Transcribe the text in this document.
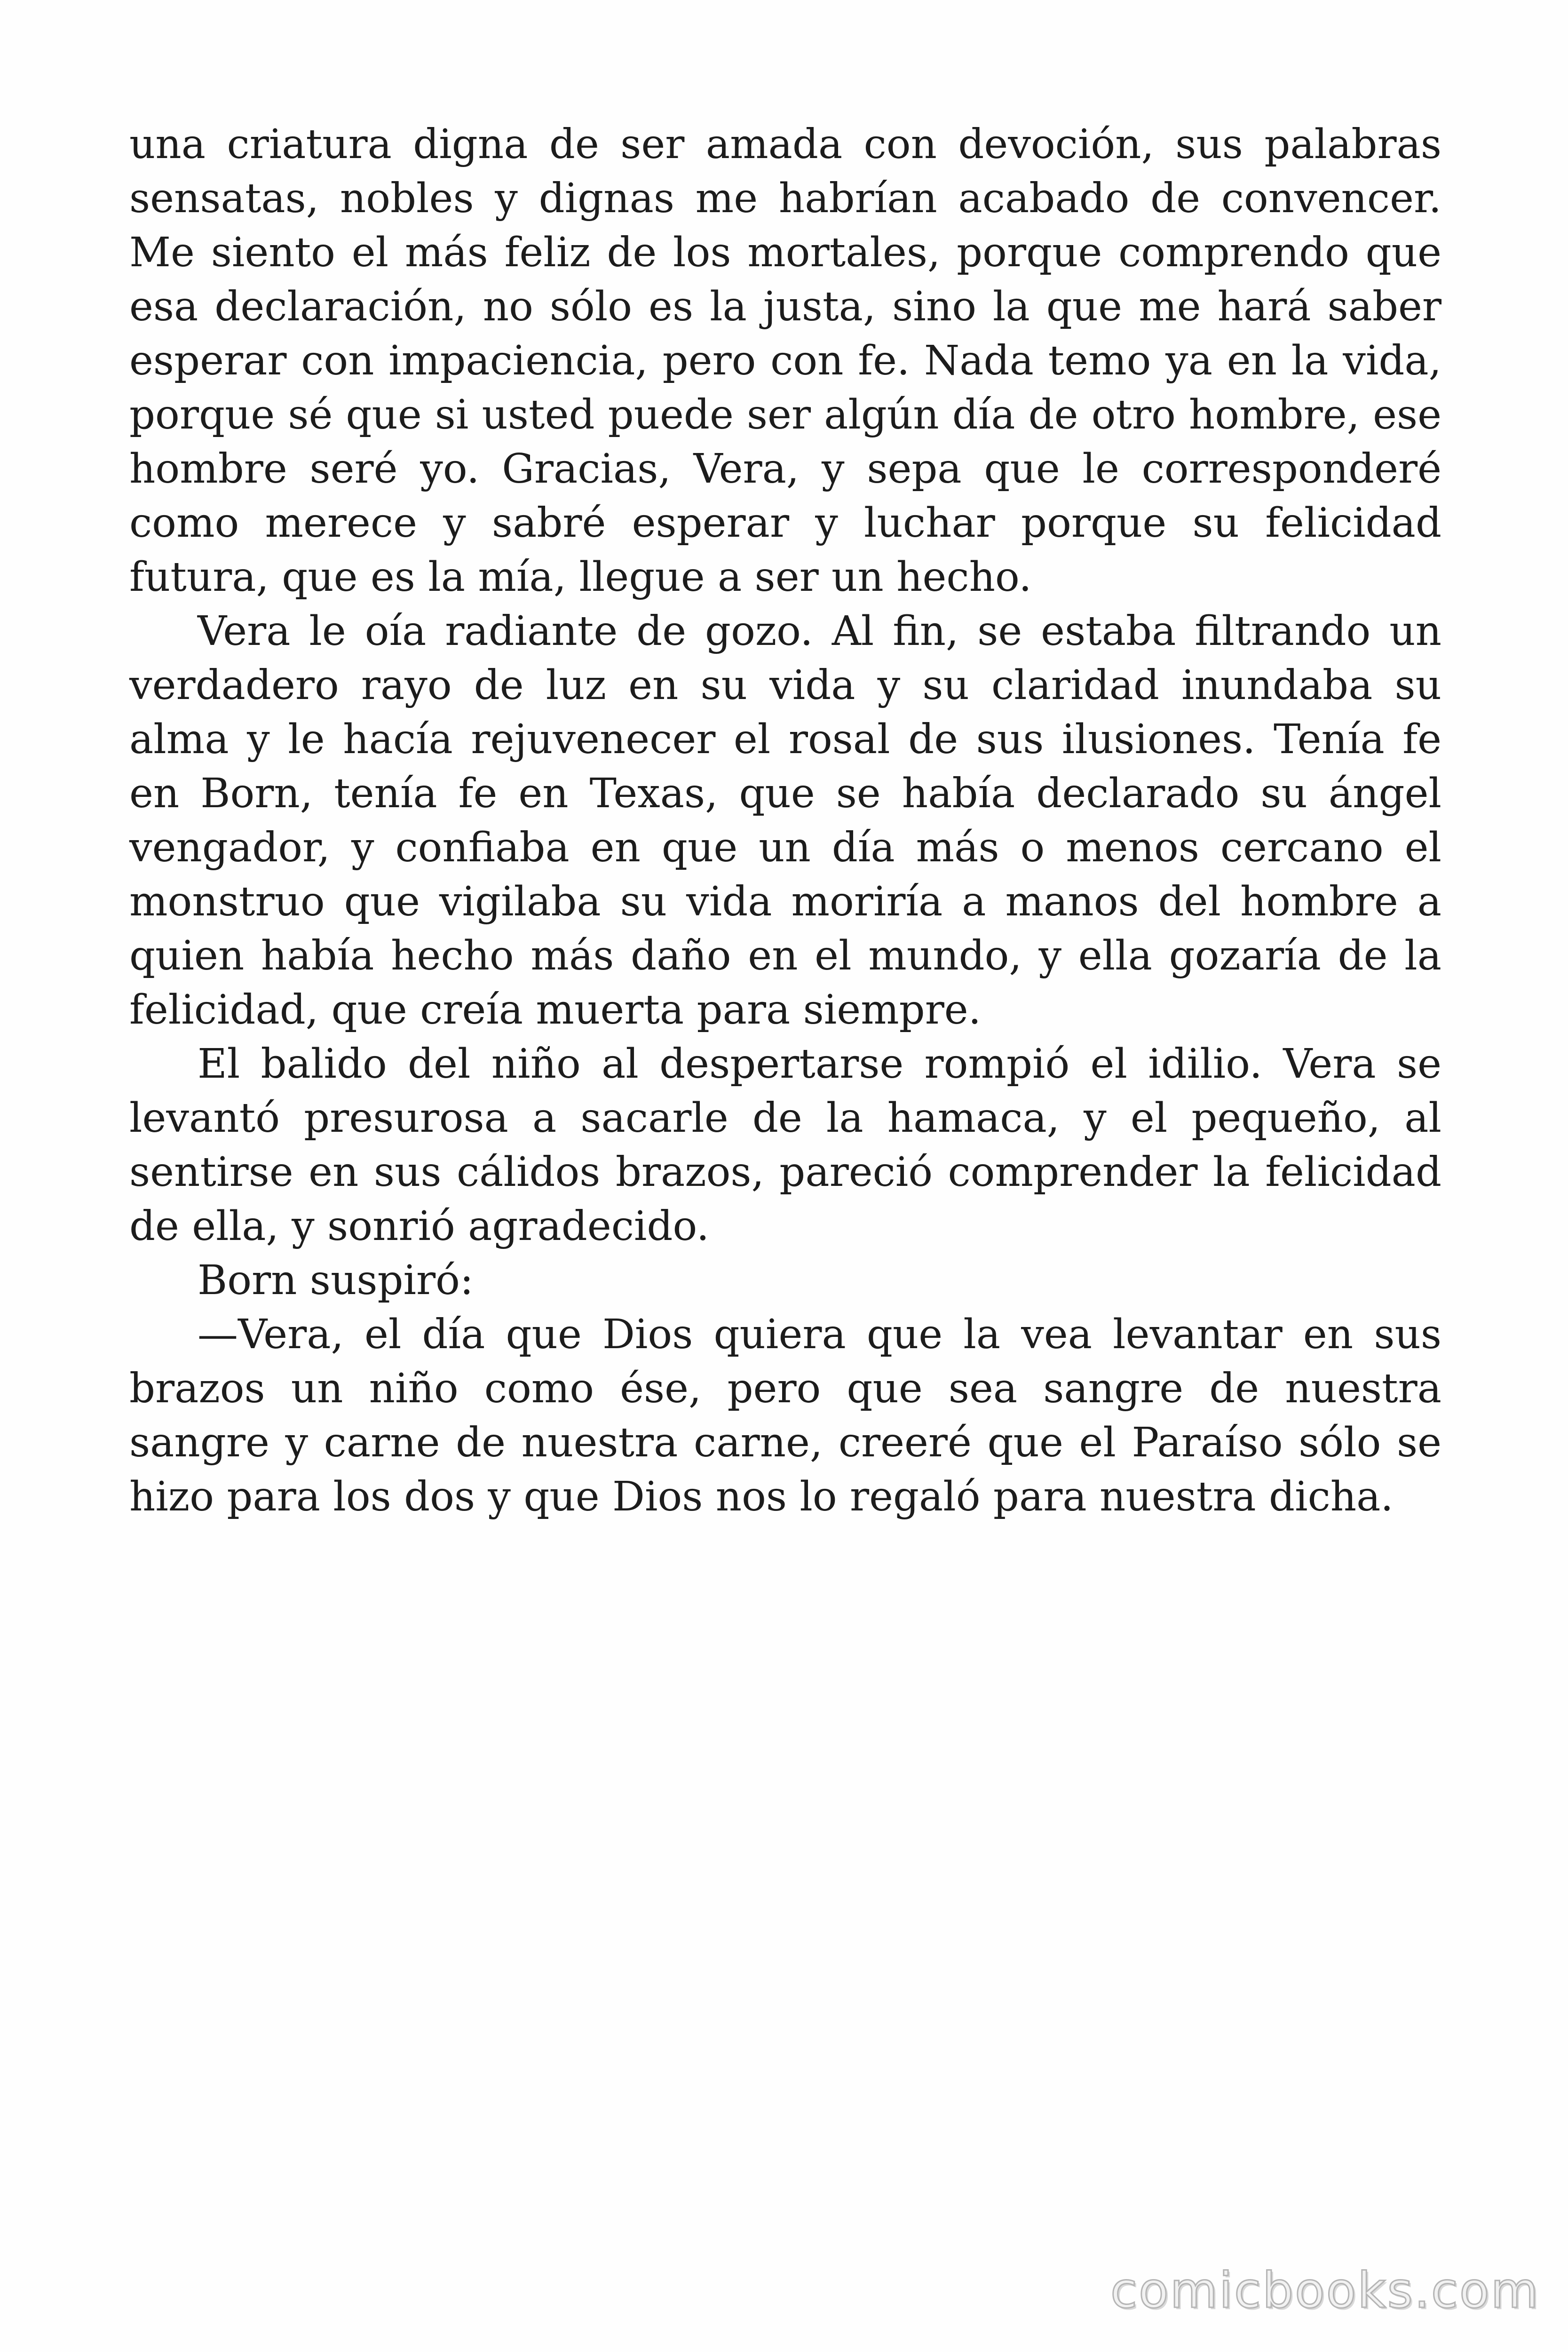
una criatura digna de ser amada con devoción, sus palabras sensatas, nobles y dignas me habrían acabado de convencer. Me siento el más feliz de los mortales, porque comprendo que esa declaración, no sólo es la justa, sino la que me hará saber esperar con impaciencia, pero con fe. Nada temo ya en la vida, porque sé que si usted puede ser algún día de otro hombre, ese hombre seré yo. Gracias, Vera, y sepa que le corresponderé como merece y sabré esperar y luchar porque su felicidad futura, que es la mía, llegue a ser un hecho.

Vera le oía radiante de gozo. Al fin, se estaba filtrando un verdadero rayo de luz en su vida y su claridad inundaba su alma y le hacía rejuvenecer el rosal de sus ilusiones. Tenía fe en Born, tenía fe en Texas, que se había declarado su ángel vengador, y confiaba en que un día más o menos cercano el monstruo que vigilaba su vida moriría a manos del hombre a quien había hecho más daño en el mundo, y ella gozaría de la felicidad, que creía muerta para siempre.

El balido del niño al despertarse rompió el idilio. Vera se levantó presurosa a sacarle de la hamaca, y el pequeño, al sentirse en sus cálidos brazos, pareció comprender la felicidad de ella, y sonrió agradecido.

Born suspiró:

—Vera, el día que Dios quiera que la vea levantar en sus brazos un niño como ése, pero que sea sangre de nuestra sangre y carne de nuestra carne, creeré que el Paraíso sólo se hizo para los dos y que Dios nos lo regaló para nuestra dicha.

comicbooks.com
